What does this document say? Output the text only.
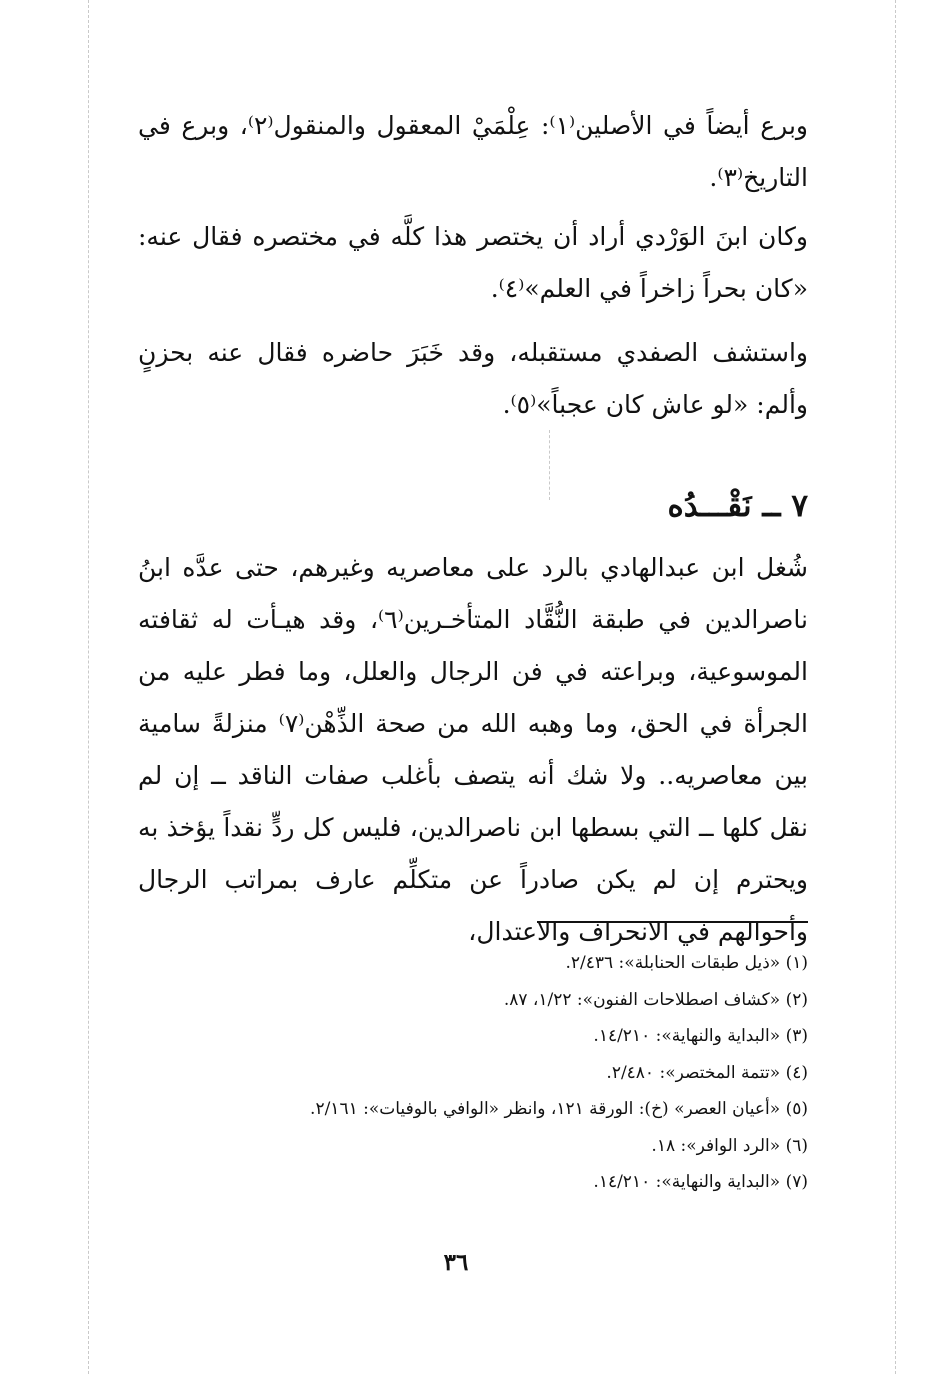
وبرع أيضاً في الأصلين⁽١⁾: عِلْمَيْ المعقول والمنقول⁽٢⁾، وبرع في التاريخ⁽٣⁾.

وكان ابنَ الوَرْدي أراد أن يختصر هذا كلَّه في مختصره فقال عنه: «كان بحراً زاخراً في العلم»⁽٤⁾.

واستشف الصفدي مستقبله، وقد خَبَرَ حاضره فقال عنه بحزنٍ وألم: «لو عاش كان عجباً»⁽٥⁾.

٧ ــ نَقْـــدُه

شُغل ابن عبدالهادي بالرد على معاصريه وغيرهم، حتى عدَّه ابنُ ناصرالدين في طبقة النُّقَّاد المتأخـرين⁽٦⁾، وقد هيـأت له ثقافته الموسوعية، وبراعته في فن الرجال والعلل، وما فطر عليه من الجرأة في الحق، وما وهبه الله من صحة الذِّهْن⁽٧⁾ منزلةً سامية بين معاصريه.. ولا شك أنه يتصف بأغلب صفات الناقد ــ إن لم نقل كلها ــ التي بسطها ابن ناصرالدين، فليس كل ردٍّ نقداً يؤخذ به ويحترم إن لم يكن صادراً عن متكلِّم عارف بمراتب الرجال وأحوالهم في الانحراف والاعتدال،

(١) «ذيل طبقات الحنابلة»: ٢/٤٣٦.
(٢) «كشاف اصطلاحات الفنون»: ١/٢٢، ٨٧.
(٣) «البداية والنهاية»: ١٤/٢١٠.
(٤) «تتمة المختصر»: ٢/٤٨٠.
(٥) «أعيان العصر» (خ): الورقة ١٢١، وانظر «الوافي بالوفيات»: ٢/١٦١.
(٦) «الرد الوافر»: ١٨.
(٧) «البداية والنهاية»: ١٤/٢١٠.
٣٦
